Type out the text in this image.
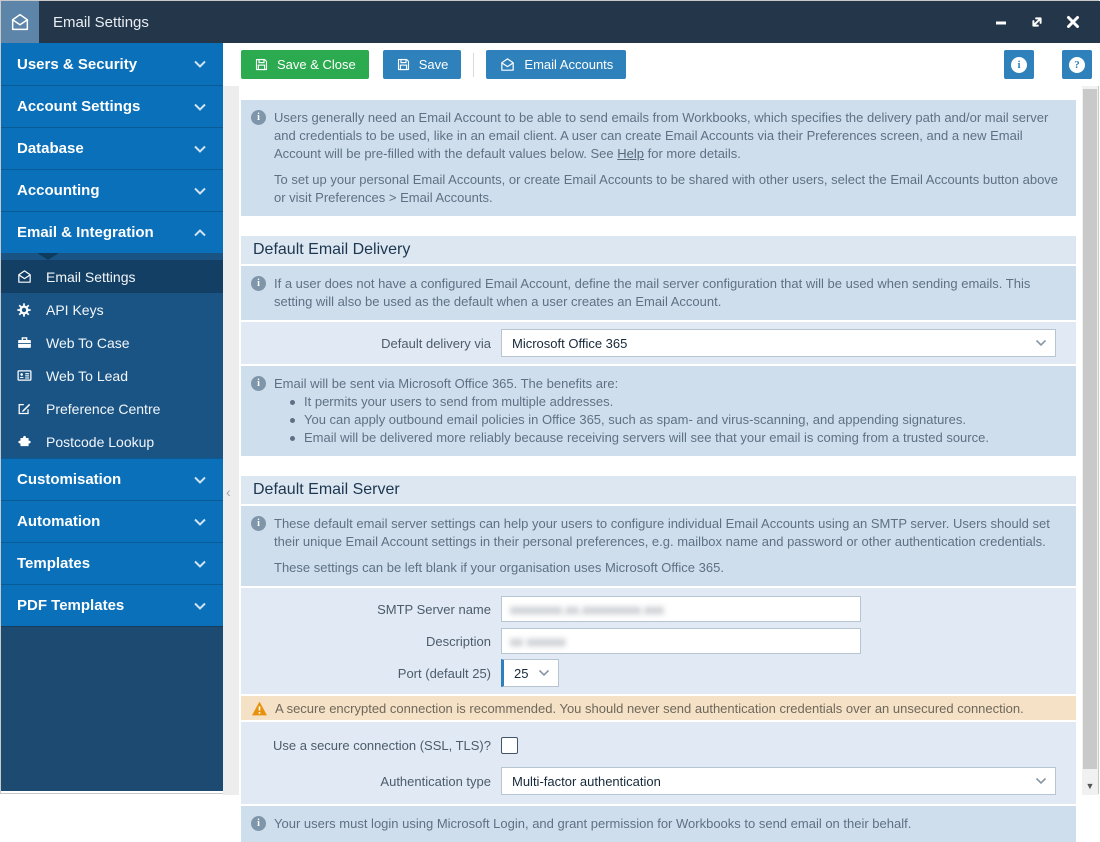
Email Settings
Users & Security
Account Settings
Database
Accounting
Email & Integration
Email Settings
API Keys
Web To Case
Web To Lead
Preference Centre
Postcode Lookup
Customisation
Automation
Templates
PDF Templates
‹
Save & Close	Save	Email Accounts	i	?
i	Users generally need an Email Account to be able to send emails from Workbooks, which specifies the delivery path and/or mail server and credentials to be used, like in an email client. A user can create Email Accounts via their Preferences screen, and a new Email Account will be pre-filled with the default values below. See Help for more details.

To set up your personal Email Accounts, or create Email Accounts to be shared with other users, select the Email Accounts button above or visit Preferences > Email Accounts.

Default Email Delivery
i	If a user does not have a configured Email Account, define the mail server configuration that will be used when sending emails. This setting will also be used as the default when a user creates an Email Account.

Default delivery via	Microsoft Office 365
i	Email will be sent via Microsoft Office 365. The benefits are:

It permits your users to send from multiple addresses.
You can apply outbound email policies in Office 365, such as spam- and virus-scanning, and appending signatures.
Email will be delivered more reliably because receiving servers will see that your email is coming from a trusted source.
Default Email Server
i	These default email server settings can help your users to configure individual Email Accounts using an SMTP server. Users should set their unique Email Account settings in their personal preferences, e.g. mailbox name and password or other authentication credentials.

These settings can be left blank if your organisation uses Microsoft Office 365.

SMTP Server name	xxxxxxxx.xx.xxxxxxxxx.xxx
Description	xx xxxxxx
Port (default 25)	25
A secure encrypted connection is recommended. You should never send authentication credentials over an unsecured connection.
Use a secure connection (SSL, TLS)?
Authentication type	Multi-factor authentication
i	Your users must login using Microsoft Login, and grant permission for Workbooks to send email on their behalf.

▼
